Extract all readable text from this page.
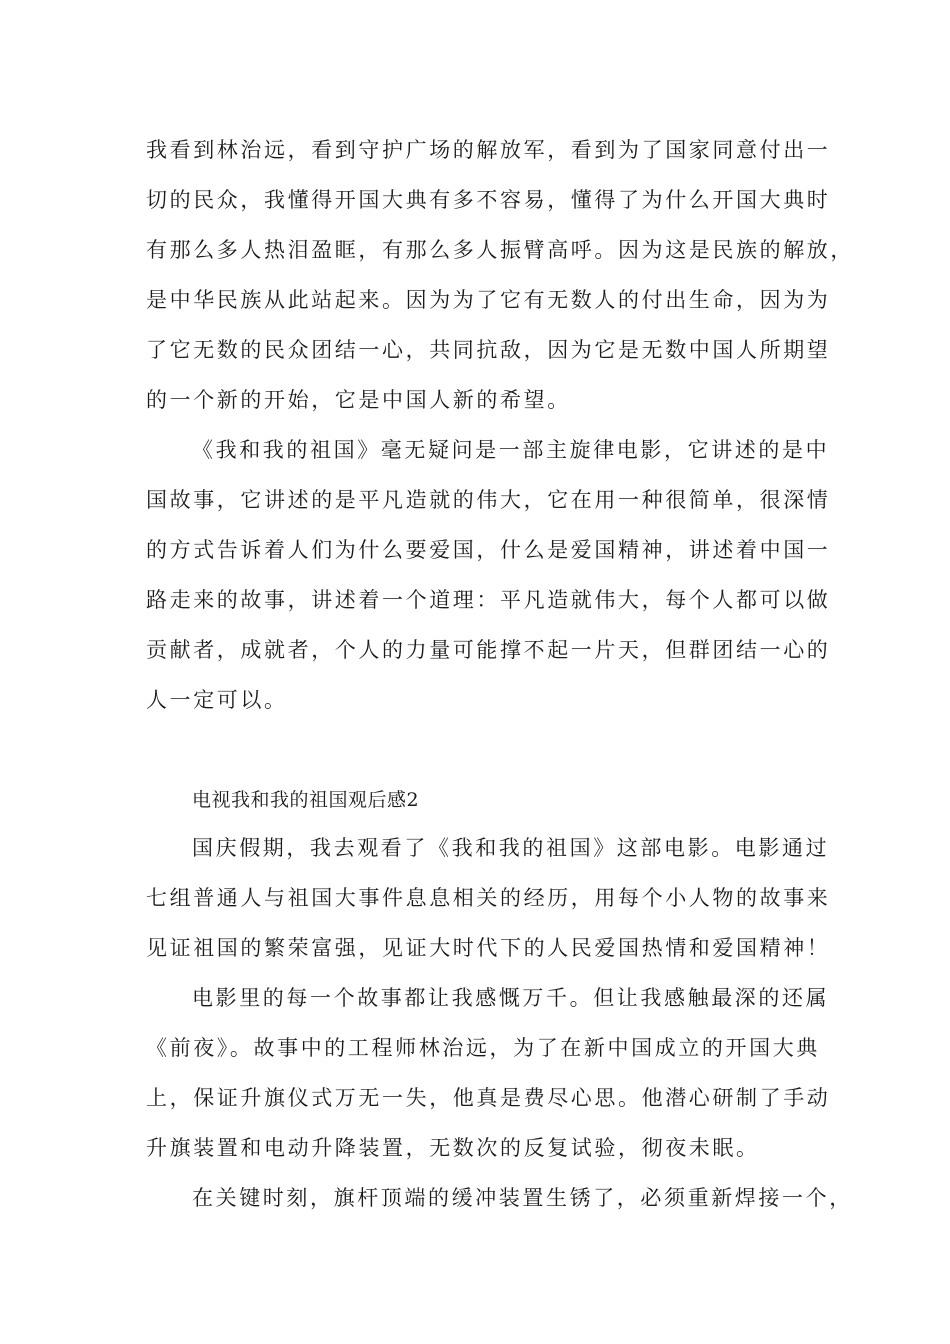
我看到林治远，看到守护广场的解放军，看到为了国家同意付出一
切的民众，我懂得开国大典有多不容易，懂得了为什么开国大典时
有那么多人热泪盈眶，有那么多人振臂高呼。因为这是民族的解放，
是中华民族从此站起来。因为为了它有无数人的付出生命，因为为
了它无数的民众团结一心，共同抗敌，因为它是无数中国人所期望
的一个新的开始，它是中国人新的希望。
《我和我的祖国》毫无疑问是一部主旋律电影，它讲述的是中
国故事，它讲述的是平凡造就的伟大，它在用一种很简单，很深情
的方式告诉着人们为什么要爱国，什么是爱国精神，讲述着中国一
路走来的故事，讲述着一个道理：平凡造就伟大，每个人都可以做
贡献者，成就者，个人的力量可能撑不起一片天，但群团结一心的
人一定可以。
电视我和我的祖国观后感2
国庆假期，我去观看了《我和我的祖国》这部电影。电影通过
七组普通人与祖国大事件息息相关的经历，用每个小人物的故事来
见证祖国的繁荣富强，见证大时代下的人民爱国热情和爱国精神！
电影里的每一个故事都让我感慨万千。但让我感触最深的还属
《前夜》。故事中的工程师林治远，为了在新中国成立的开国大典
上，保证升旗仪式万无一失，他真是费尽心思。他潜心研制了手动
升旗装置和电动升降装置，无数次的反复试验，彻夜未眠。
在关键时刻，旗杆顶端的缓冲装置生锈了，必须重新焊接一个，
